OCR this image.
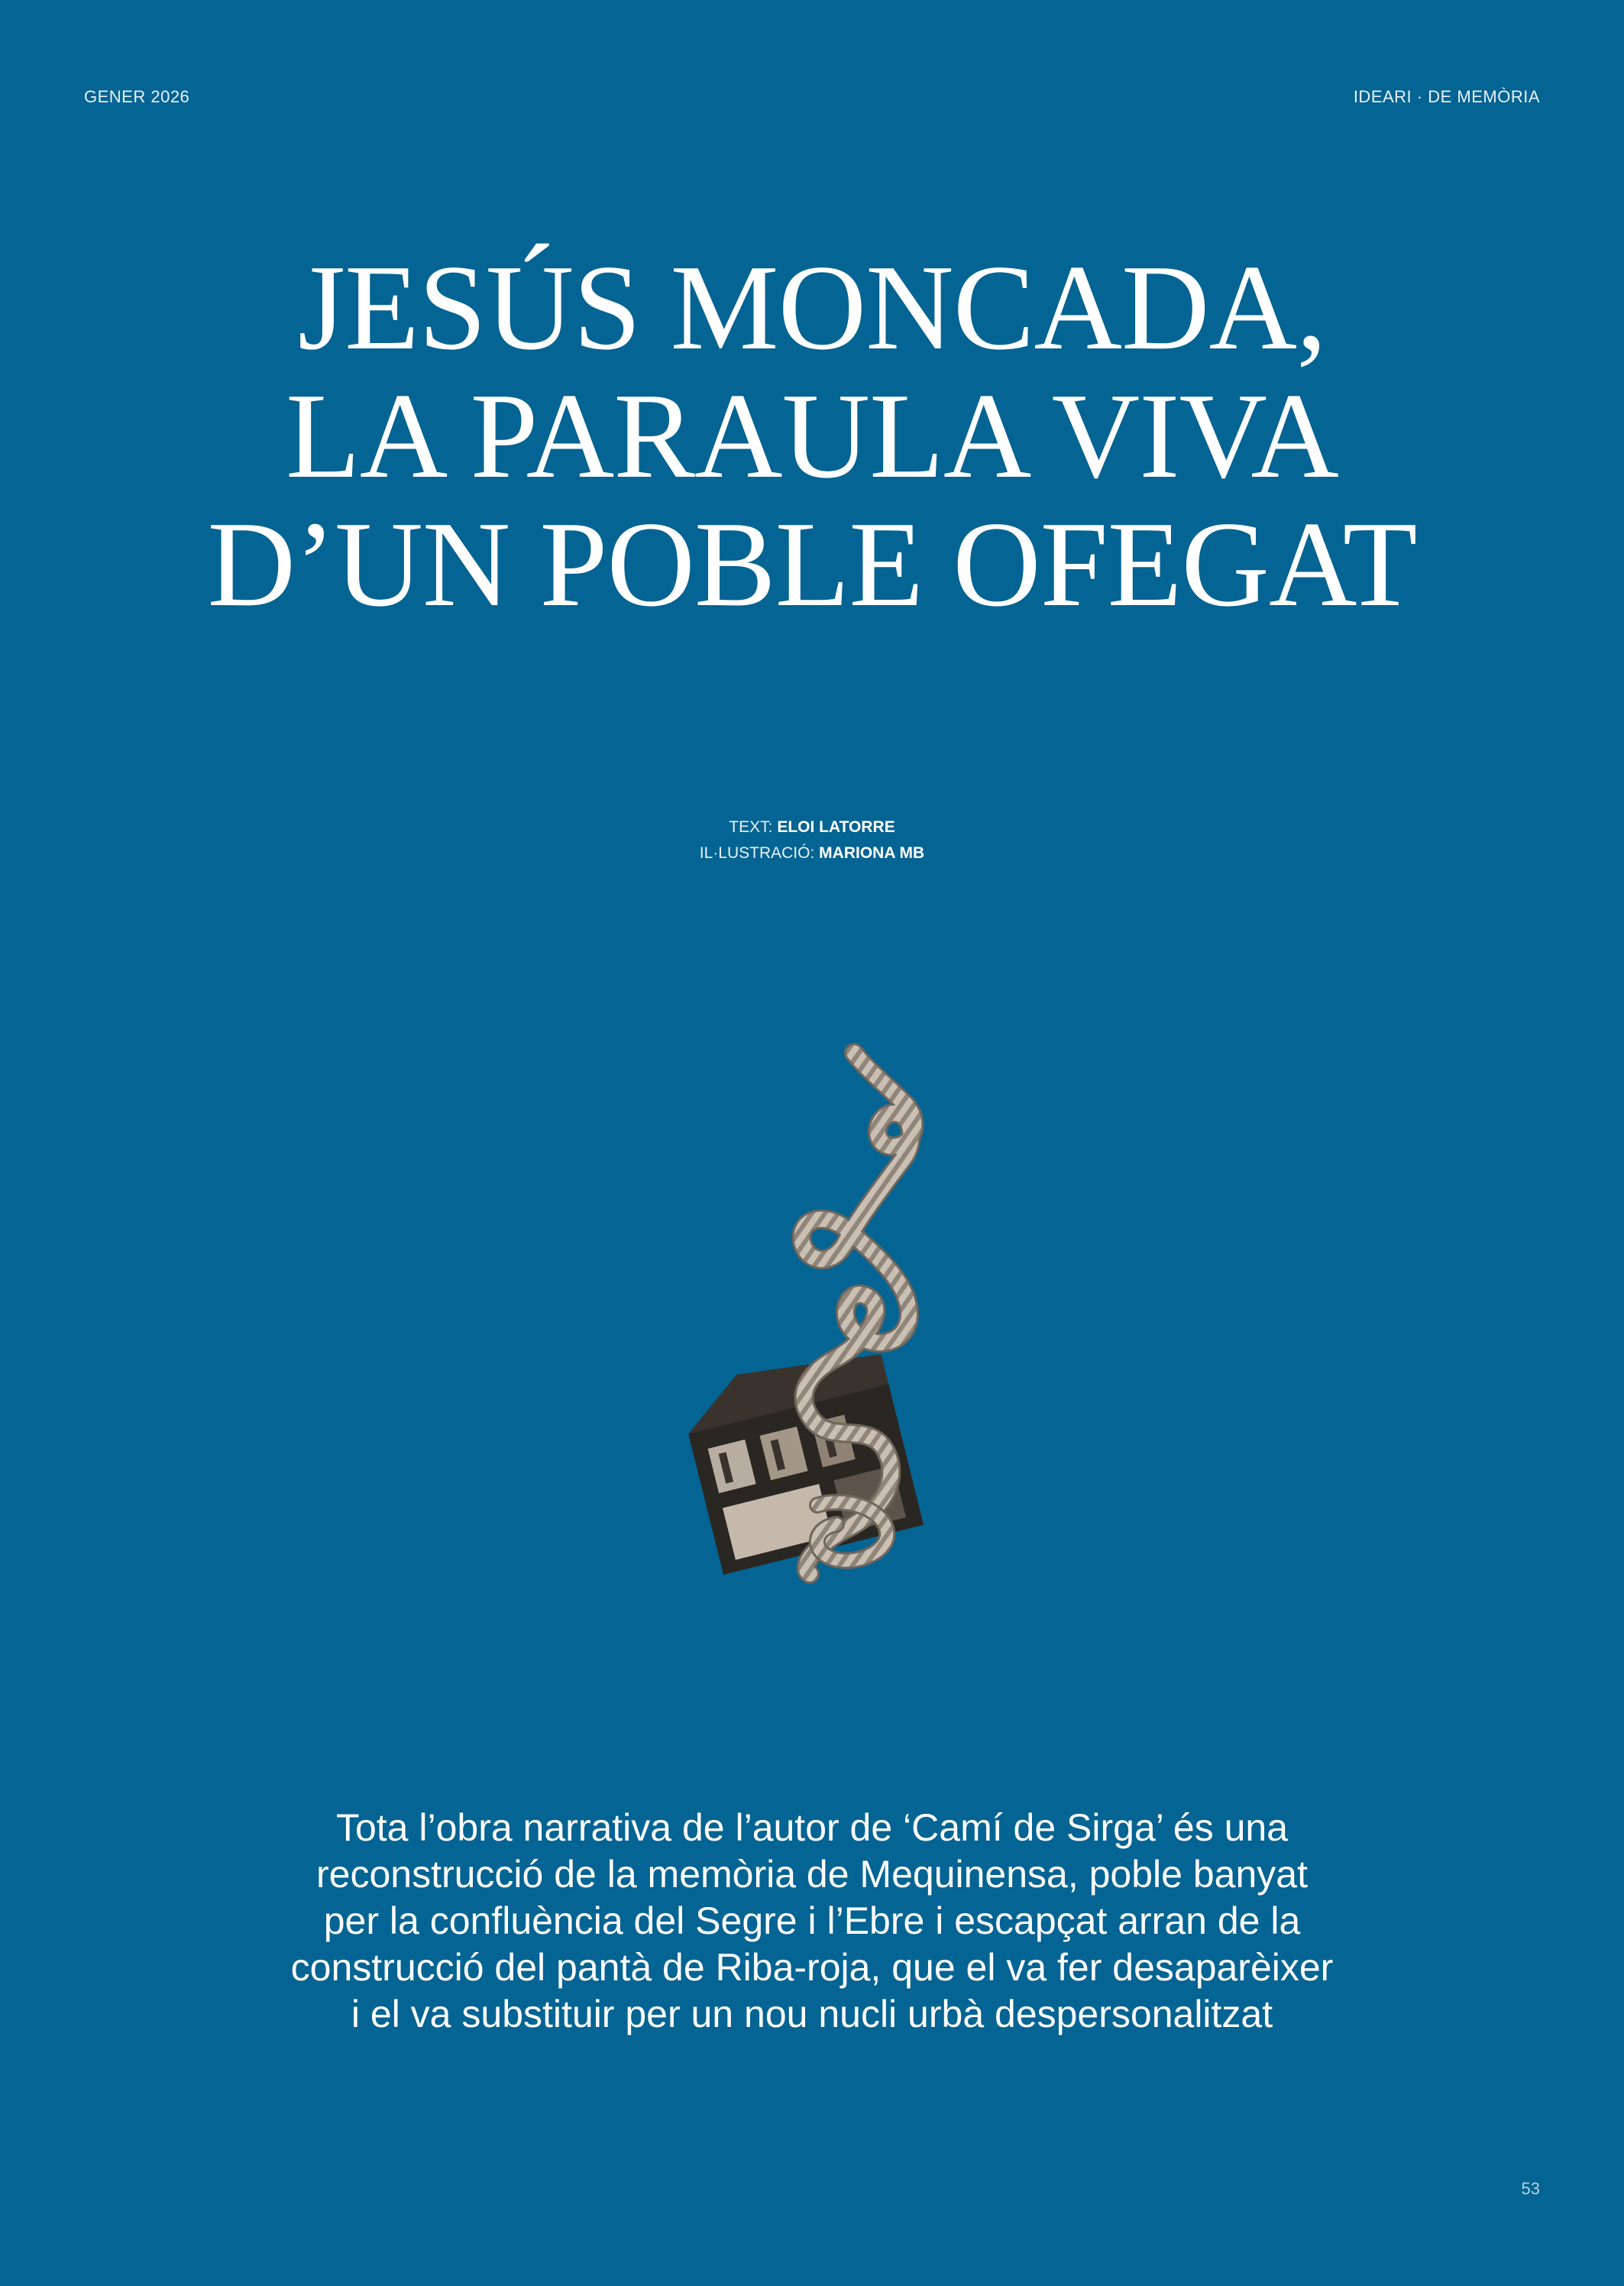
GENER 2026	IDEARI · DE MEMÒRIA
JESÚS MONCADA,
LA PARAULA VIVA
D’UN POBLE OFEGAT
TEXT: ELOI LATORRE
IL·LUSTRACIÓ: MARIONA MB
Tota l’obra narrativa de l’autor de ‘Camí de Sirga’ és una
reconstrucció de la memòria de Mequinensa, poble banyat
per la confluència del Segre i l’Ebre i escapçat arran de la
construcció del pantà de Riba-roja, que el va fer desaparèixer
i el va substituir per un nou nucli urbà despersonalitzat
53
